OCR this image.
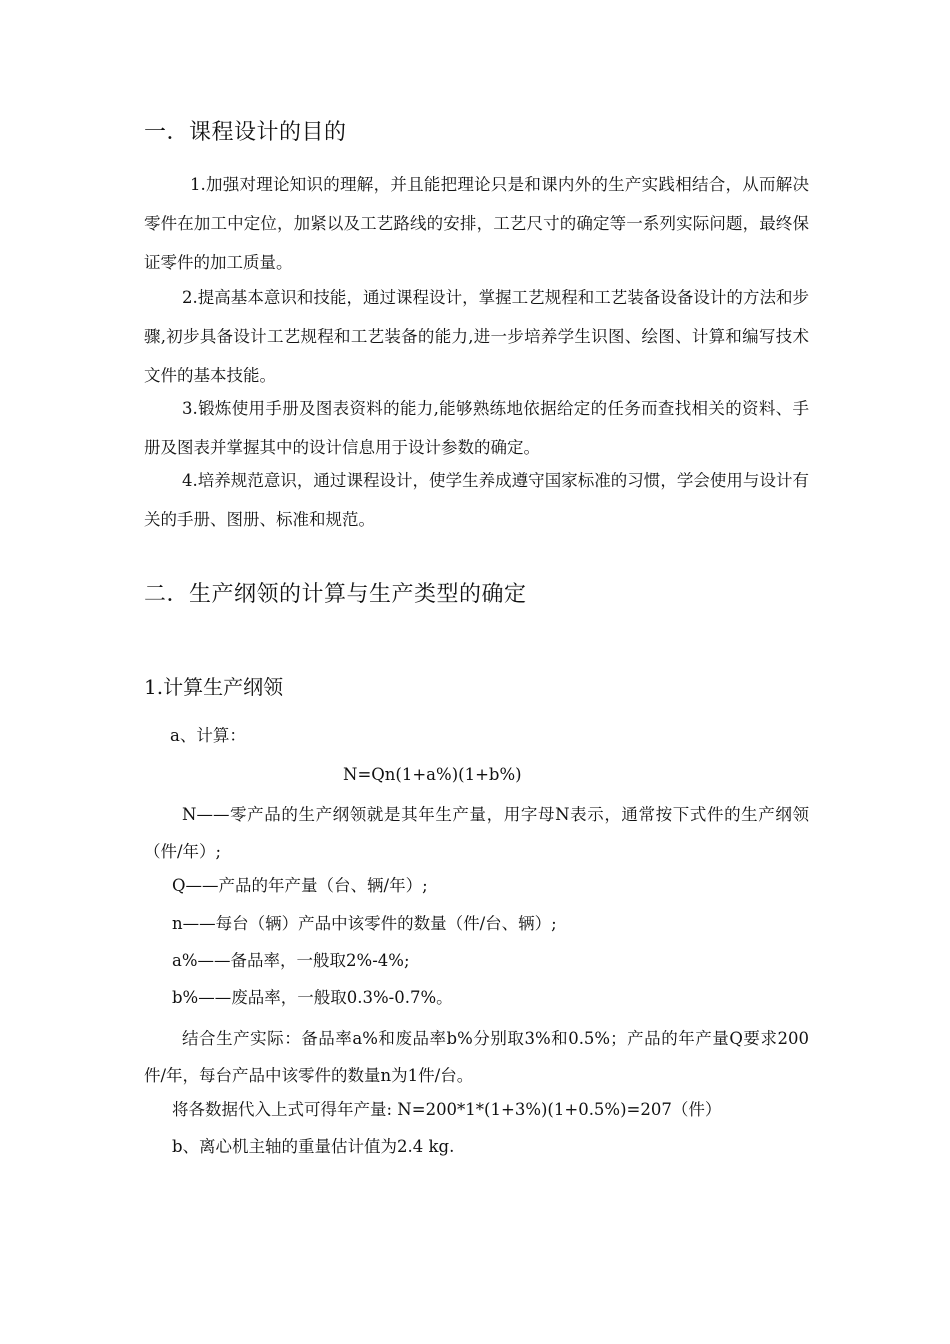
一．课程设计的目的
1.加强对理论知识的理解，并且能把理论只是和课内外的生产实践相结合，从而解决零件在加工中定位，加紧以及工艺路线的安排，工艺尺寸的确定等一系列实际问题，最终保证零件的加工质量。
2.提高基本意识和技能，通过课程设计，掌握工艺规程和工艺装备设备设计的方法和步骤,初步具备设计工艺规程和工艺装备的能力,进一步培养学生识图、绘图、计算和编写技术文件的基本技能。
3.锻炼使用手册及图表资料的能力,能够熟练地依据给定的任务而查找相关的资料、手册及图表并掌握其中的设计信息用于设计参数的确定。
4.培养规范意识，通过课程设计，使学生养成遵守国家标准的习惯，学会使用与设计有关的手册、图册、标准和规范。
二．生产纲领的计算与生产类型的确定
1.计算生产纲领
a、计算：
N=Qn(1+a%)(1+b%)
N——零产品的生产纲领就是其年生产量，用字母N表示，通常按下式件的生产纲领（件/年）;
Q——产品的年产量（台、辆/年）;
n——每台（辆）产品中该零件的数量（件/台、辆）;
a%——备品率，一般取2%-4%;
b%——废品率，一般取0.3%-0.7%。
结合生产实际：备品率a%和废品率b%分别取3%和0.5%；产品的年产量Q要求200件/年，每台产品中该零件的数量n为1件/台。
将各数据代入上式可得年产量: N=200*1*(1+3%)(1+0.5%)=207（件）
b、离心机主轴的重量估计值为2.4 kg.
